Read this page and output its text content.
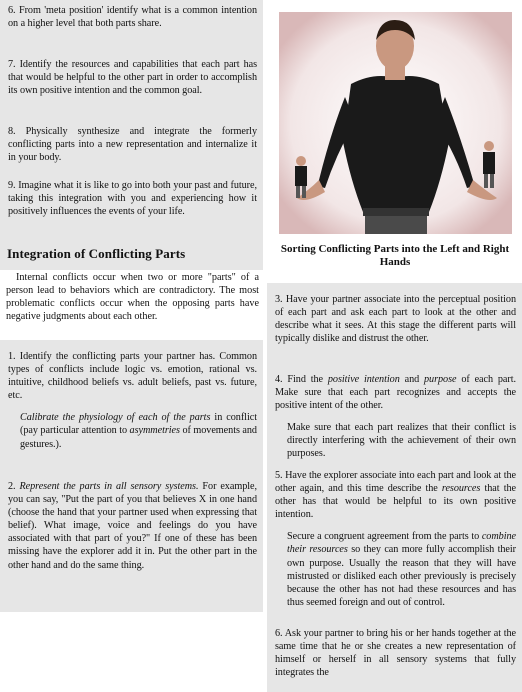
6. From 'meta position' identify what is a common intention on a higher level that both parts share.

7. Identify the resources and capabilities that each part has that would be helpful to the other part in order to accomplish its own positive intention and the common goal.

8. Physically synthesize and integrate the formerly conflicting parts into a new representation and internalize it in your body.

9. Imagine what it is like to go into both your past and future, taking this integration with you and experiencing how it positively influences the events of your life.

Integration of Conflicting Parts

Internal conflicts occur when two or more "parts" of a person lead to behaviors which are contradictory. The most problematic conflicts occur when the opposing parts have negative judgments about each other.

1. Identify the conflicting parts your partner has. Common types of conflicts include logic vs. emotion, rational vs. intuitive, childhood beliefs vs. adult beliefs, past vs. future, etc.

Calibrate the physiology of each of the parts in conflict (pay particular attention to asymmetries of movements and gestures.).

2. Represent the parts in all sensory systems. For example, you can say, "Put the part of you that believes X in one hand (choose the hand that your partner used when expressing that belief). What image, voice and feelings do you have associated with that part of you?" If one of these has been missing have the explorer add it in. Put the other part in the other hand and do the same thing.

Sorting Conflicting Parts into the Left and Right Hands

3. Have your partner associate into the perceptual position of each part and ask each part to look at the other and describe what it sees. At this stage the different parts will typically dislike and distrust the other.

4. Find the positive intention and purpose of each part. Make sure that each part recognizes and accepts the positive intent of the other.

Make sure that each part realizes that their conflict is directly interfering with the achievement of their own purposes.

5. Have the explorer associate into each part and look at the other again, and this time describe the resources that the other has that would be helpful to its own positive intention.

Secure a congruent agreement from the parts to combine their resources so they can more fully accomplish their own purpose. Usually the reason that they will have mistrusted or disliked each other previously is precisely because the other has not had these resources and has thus seemed foreign and out of control.

6. Ask your partner to bring his or her hands together at the same time that he or she creates a new representation of himself or herself in all sensory systems that fully integrates the
